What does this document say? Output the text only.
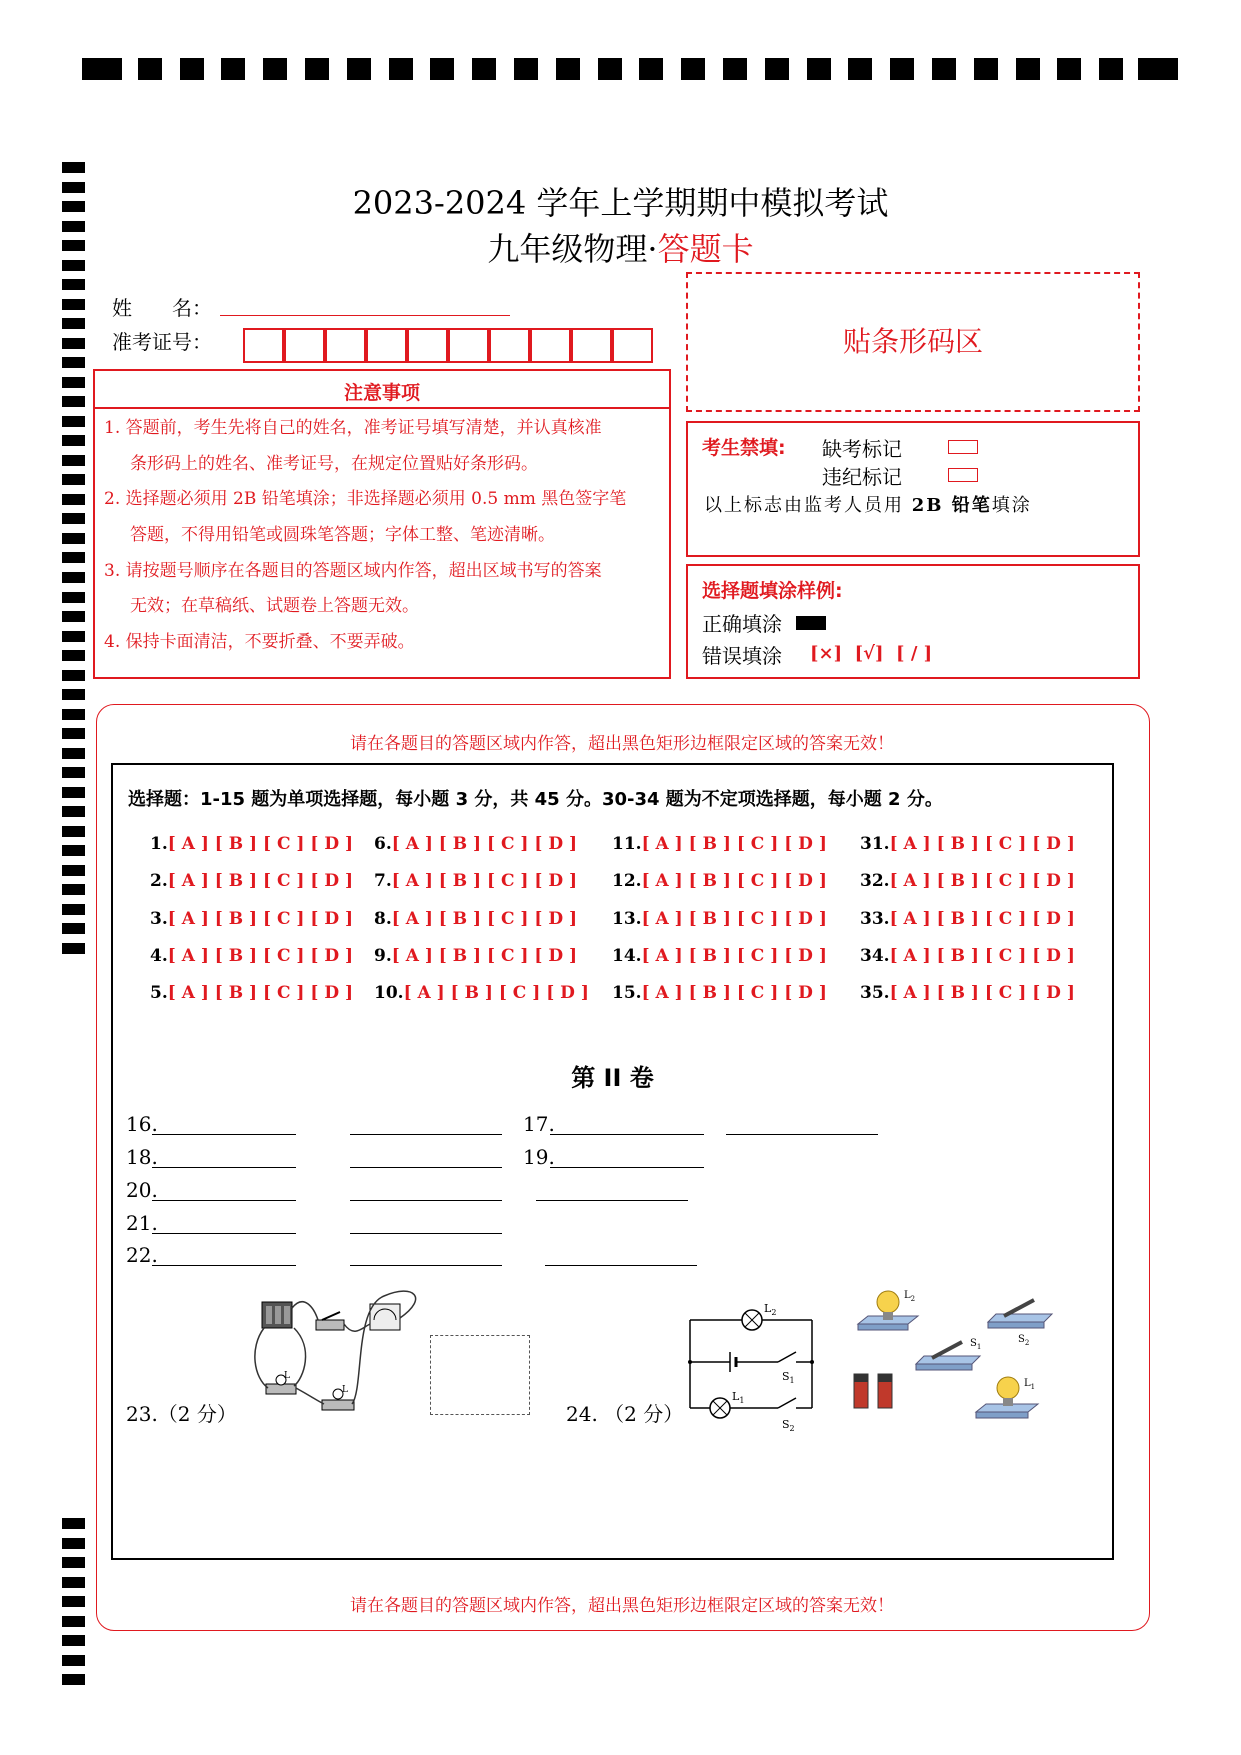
2023-2024 学年上学期期中模拟考试
九年级物理·答题卡
姓　　名：
准考证号：	贴条形码区
注意事项
1. 答题前，考生先将自己的姓名，准考证号填写清楚，并认真核准
条形码上的姓名、准考证号，在规定位置贴好条形码。
2. 选择题必须用 2B 铅笔填涂；非选择题必须用 0.5 mm 黑色签字笔
答题，不得用铅笔或圆珠笔答题；字体工整、笔迹清晰。
3. 请按题号顺序在各题目的答题区域内作答，超出区域书写的答案
无效；在草稿纸、试题卷上答题无效。
4. 保持卡面清洁，不要折叠、不要弄破。
考生禁填: 缺考标记
违纪标记
以上标志由监考人员用 2B 铅笔填涂
选择题填涂样例:
正确填涂
错误填涂 [×]  [√]  [ / ]
请在各题目的答题区域内作答，超出黑色矩形边框限定区域的答案无效！
请在各题目的答题区域内作答，超出黑色矩形边框限定区域的答案无效！
选择题：1-15 题为单项选择题，每小题 3 分，共 45 分。30-34 题为不定项选择题，每小题 2 分。
1.[ A ] [ B ] [ C ] [ D ]
2.[ A ] [ B ] [ C ] [ D ]
3.[ A ] [ B ] [ C ] [ D ]
4.[ A ] [ B ] [ C ] [ D ]
5.[ A ] [ B ] [ C ] [ D ]
6.[ A ] [ B ] [ C ] [ D ]
7.[ A ] [ B ] [ C ] [ D ]
8.[ A ] [ B ] [ C ] [ D ]
9.[ A ] [ B ] [ C ] [ D ]
10.[ A ] [ B ] [ C ] [ D ]
11.[ A ] [ B ] [ C ] [ D ]
12.[ A ] [ B ] [ C ] [ D ]
13.[ A ] [ B ] [ C ] [ D ]
14.[ A ] [ B ] [ C ] [ D ]
15.[ A ] [ B ] [ C ] [ D ]
31.[ A ] [ B ] [ C ] [ D ]
32.[ A ] [ B ] [ C ] [ D ]
33.[ A ] [ B ] [ C ] [ D ]
34.[ A ] [ B ] [ C ] [ D ]
35.[ A ] [ B ] [ C ] [ D ]
第 II 卷
16.	17.
18.	19.
20.
21.
22.
23.（2 分）
L
L
24. （2 分）
$L_2$
$S_1$
$L_1$
$S_2$
$L_2$
$S_2$
$S_1$
$L_1$
